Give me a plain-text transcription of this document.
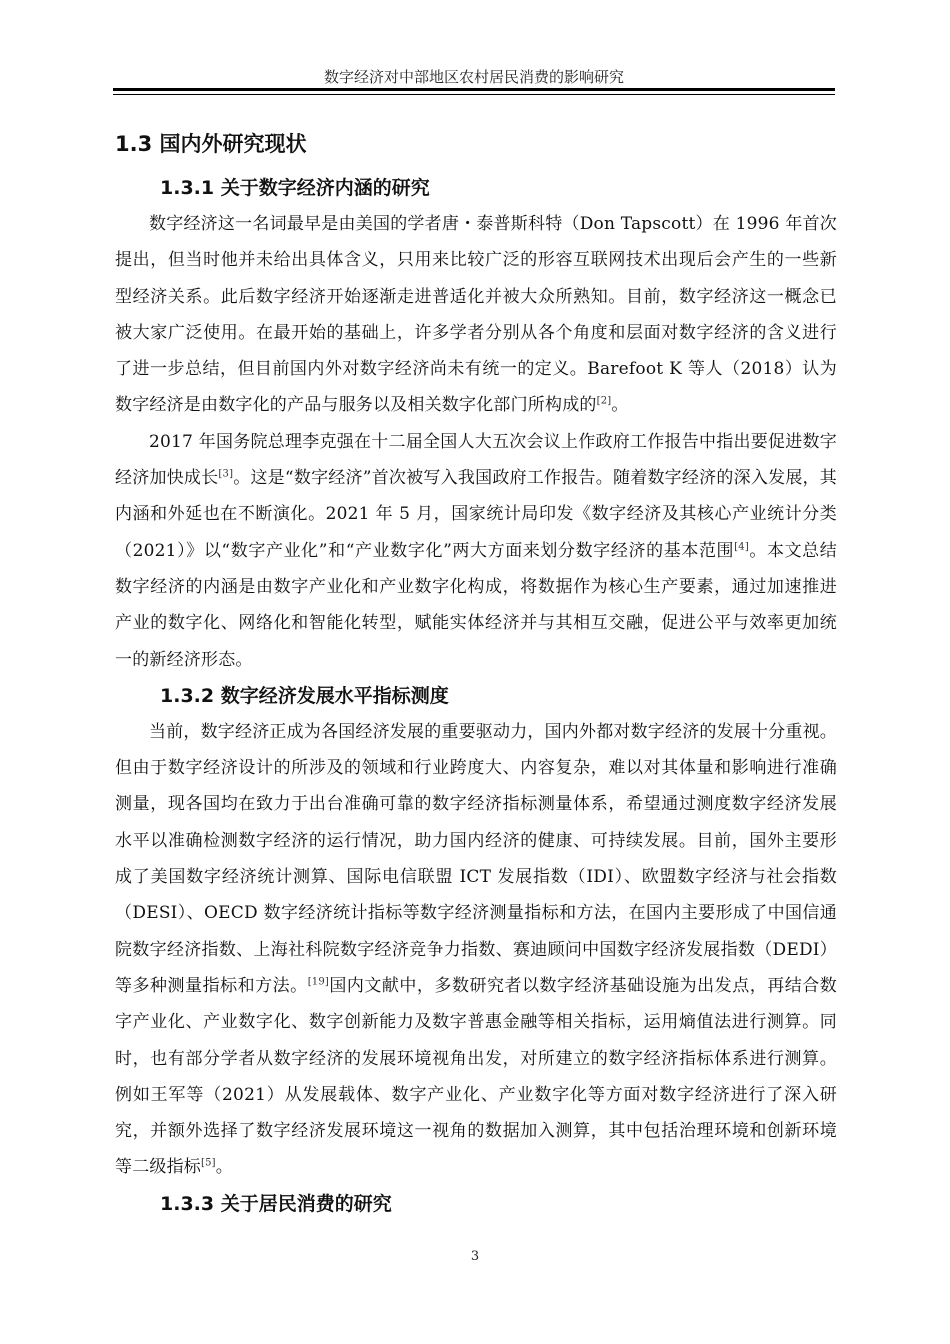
数字经济对中部地区农村居民消费的影响研究
1.3 国内外研究现状
1.3.1 关于数字经济内涵的研究

数字经济这一名词最早是由美国的学者唐・泰普斯科特（Don Tapscott）在 1996 年首次提出，但当时他并未给出具体含义，只用来比较广泛的形容互联网技术出现后会产生的一些新型经济关系。此后数字经济开始逐渐走进普适化并被大众所熟知。目前，数字经济这一概念已被大家广泛使用。在最开始的基础上，许多学者分别从各个角度和层面对数字经济的含义进行了进一步总结，但目前国内外对数字经济尚未有统一的定义。Barefoot K 等人（2018）认为数字经济是由数字化的产品与服务以及相关数字化部门所构成的[2]。

2017 年国务院总理李克强在十二届全国人大五次会议上作政府工作报告中指出要促进数字经济加快成长[3]。这是“数字经济”首次被写入我国政府工作报告。随着数字经济的深入发展，其内涵和外延也在不断演化。2021 年 5 月，国家统计局印发《数字经济及其核心产业统计分类（2021）》以“数字产业化”和“产业数字化”两大方面来划分数字经济的基本范围[4]。本文总结数字经济的内涵是由数字产业化和产业数字化构成，将数据作为核心生产要素，通过加速推进产业的数字化、网络化和智能化转型，赋能实体经济并与其相互交融，促进公平与效率更加统一的新经济形态。

1.3.2 数字经济发展水平指标测度

当前，数字经济正成为各国经济发展的重要驱动力，国内外都对数字经济的发展十分重视。但由于数字经济设计的所涉及的领域和行业跨度大、内容复杂，难以对其体量和影响进行准确测量，现各国均在致力于出台准确可靠的数字经济指标测量体系，希望通过测度数字经济发展水平以准确检测数字经济的运行情况，助力国内经济的健康、可持续发展。目前，国外主要形成了美国数字经济统计测算、国际电信联盟 ICT 发展指数（IDI）、欧盟数字经济与社会指数（DESI）、OECD 数字经济统计指标等数字经济测量指标和方法，在国内主要形成了中国信通院数字经济指数、上海社科院数字经济竞争力指数、赛迪顾问中国数字经济发展指数（DEDI）等多种测量指标和方法。[19]国内文献中，多数研究者以数字经济基础设施为出发点，再结合数字产业化、产业数字化、数字创新能力及数字普惠金融等相关指标，运用熵值法进行测算。同时，也有部分学者从数字经济的发展环境视角出发，对所建立的数字经济指标体系进行测算。例如王军等（2021）从发展载体、数字产业化、产业数字化等方面对数字经济进行了深入研究，并额外选择了数字经济发展环境这一视角的数据加入测算，其中包括治理环境和创新环境等二级指标[5]。

1.3.3 关于居民消费的研究
3
